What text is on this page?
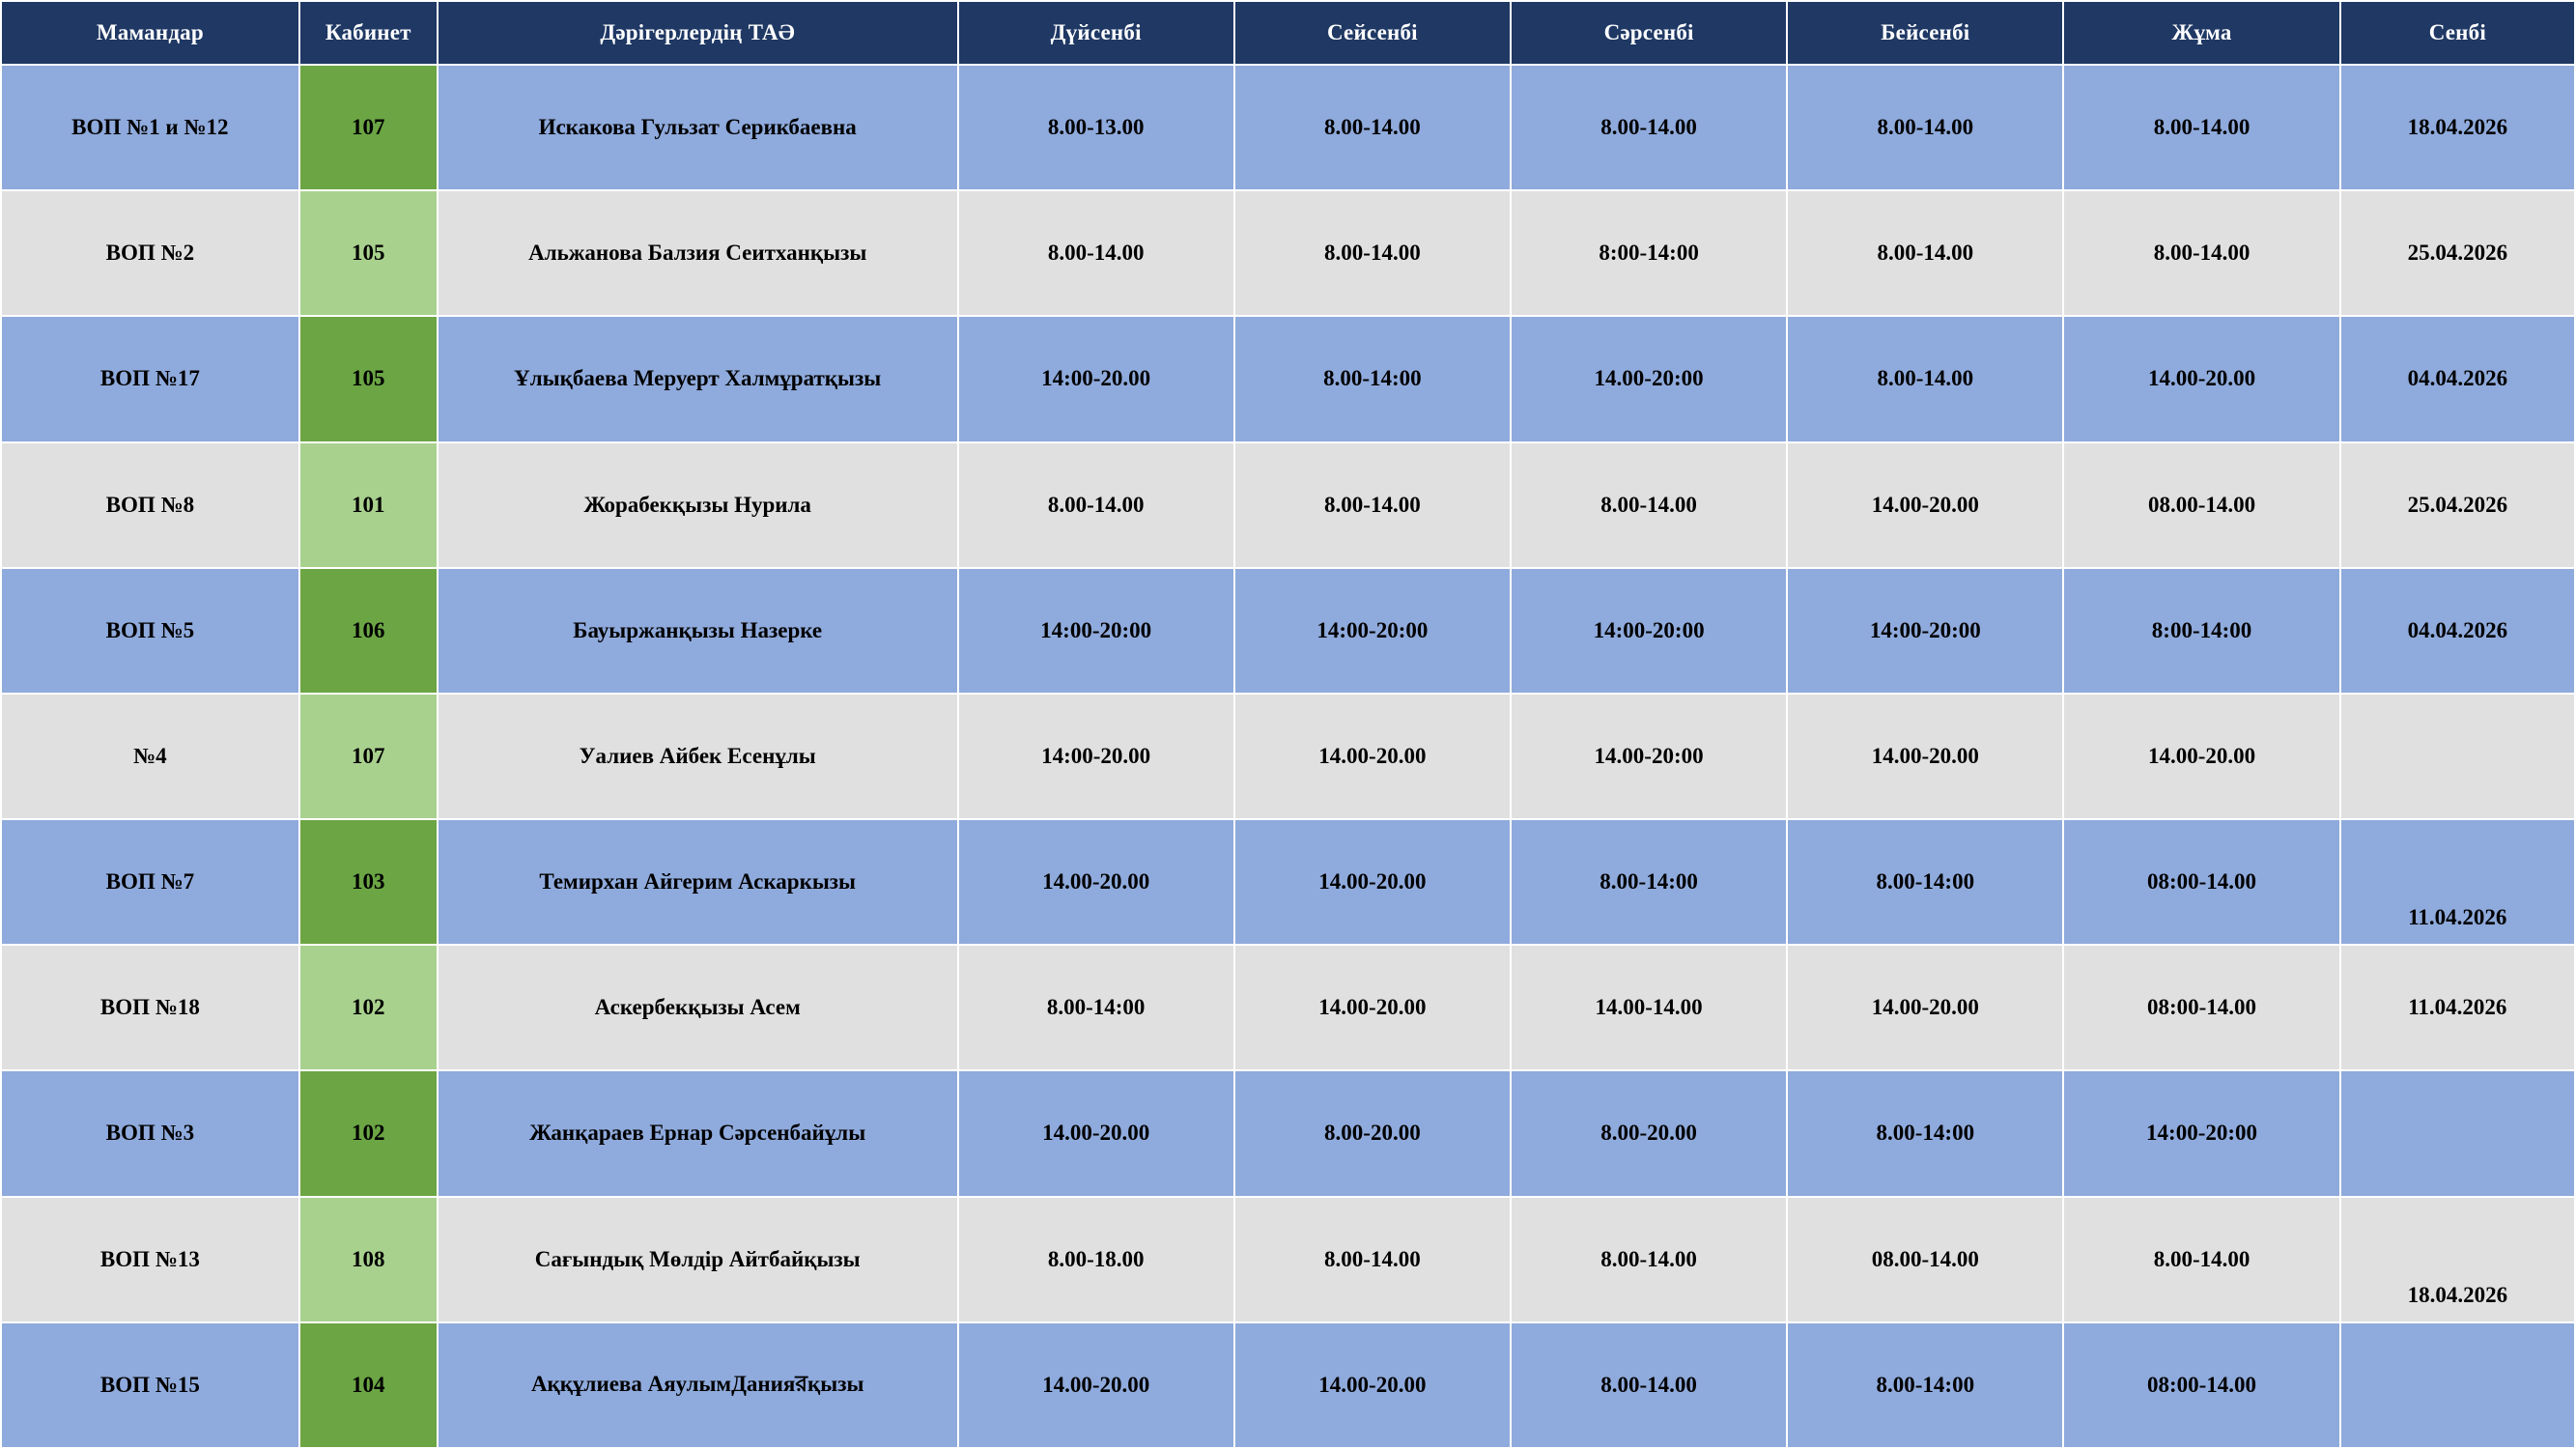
Мамандар	Кабинет	Дәрігерлердің ТАӘ	Дүйсенбі	Сейсенбі	Сәрсенбі	Бейсенбі	Жұма	Сенбі
ВОП №1 и №12	107	Искакова Гульзат Серикбаевна	8.00-13.00	8.00-14.00	8.00-14.00	8.00-14.00	8.00-14.00	18.04.2026
ВОП №2	105	Альжанова Балзия Сеитханқызы	8.00-14.00	8.00-14.00	8:00-14:00	8.00-14.00	8.00-14.00	25.04.2026
ВОП №17	105	Ұлықбаева Меруерт Халмұратқызы	14:00-20.00	8.00-14:00	14.00-20:00	8.00-14.00	14.00-20.00	04.04.2026
ВОП №8	101	Жорабекқызы Нурила	8.00-14.00	8.00-14.00	8.00-14.00	14.00-20.00	08.00-14.00	25.04.2026
ВОП №5	106	Бауыржанқызы Назерке	14:00-20:00	14:00-20:00	14:00-20:00	14:00-20:00	8:00-14:00	04.04.2026
№4	107	Уалиев Айбек Есенұлы	14:00-20.00	14.00-20.00	14.00-20:00	14.00-20.00	14.00-20.00	
ВОП №7	103	Темирхан Айгерим Аскаркызы	14.00-20.00	14.00-20.00	8.00-14:00	8.00-14:00	08:00-14.00	11.04.2026
ВОП №18	102	Аскербекқызы Асем	8.00-14:00	14.00-20.00	14.00-14.00	14.00-20.00	08:00-14.00	11.04.2026
ВОП №3	102	Жанқараев Ернар Сәрсенбайұлы	14.00-20.00	8.00-20.00	8.00-20.00	8.00-14:00	14:00-20:00	
ВОП №13	108	Сағындық Мөлдір Айтбайқызы	8.00-18.00	8.00-14.00	8.00-14.00	08.00-14.00	8.00-14.00	18.04.2026
ВОП №15	104	Аққұлиева АяулымДанияরқызы	14.00-20.00	14.00-20.00	8.00-14.00	8.00-14:00	08:00-14.00	
